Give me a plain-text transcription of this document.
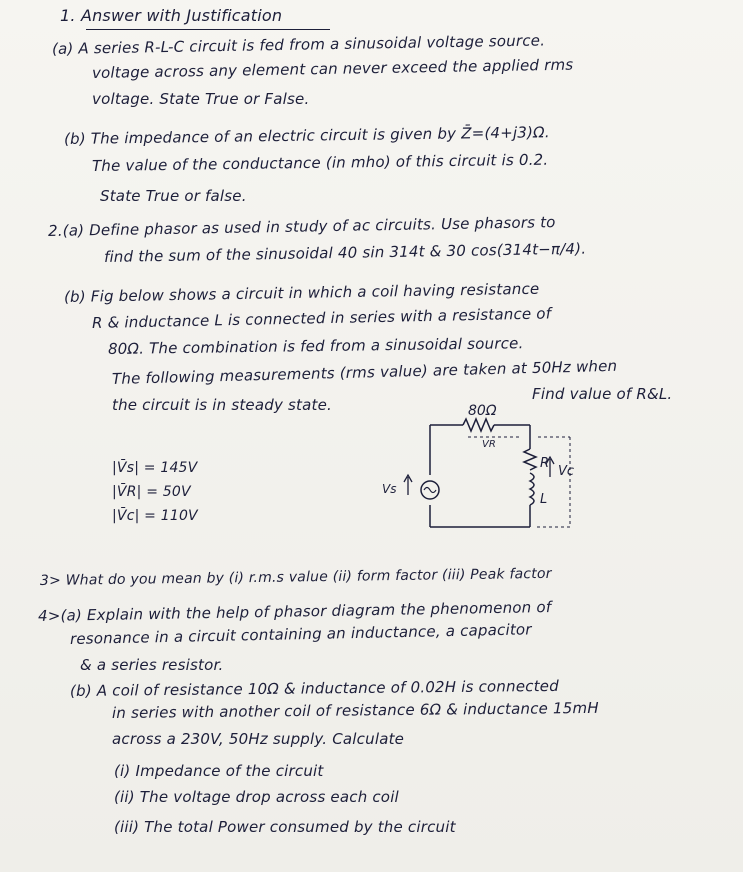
1. Answer with Justification
(a) A series R-L-C circuit is fed from a sinusoidal voltage source.
voltage across any element can never exceed the applied rms
voltage. State True or False.
(b) The impedance of an electric circuit is given by Z̄=(4+j3)Ω.
The value of the conductance (in mho) of this circuit is 0.2.
State True or false.
2.(a) Define phasor as used in study of ac circuits. Use phasors to
find the sum of the sinusoidal 40 sin 314t & 30 cos(314t−π/4).
(b) Fig below shows a circuit in which a coil having resistance
R & inductance L is connected in series with a resistance of
80Ω. The combination is fed from a sinusoidal source.
The following measurements (rms value) are taken at 50Hz when
the circuit is in steady state.
Find value of R&L.
|V̄s| = 145V
|V̄R| = 50V
|V̄c| = 110V
80Ω
VR
Vs
R
L
Vc
3> What do you mean by (i) r.m.s value (ii) form factor (iii) Peak factor
4>(a) Explain with the help of phasor diagram the phenomenon of
resonance in a circuit containing an inductance, a capacitor
& a series resistor.
(b) A coil of resistance 10Ω & inductance of 0.02H is connected
in series with another coil of resistance 6Ω & inductance 15mH
across a 230V, 50Hz supply. Calculate
(i) Impedance of the circuit
(ii) The voltage drop across each coil
(iii) The total Power consumed by the circuit
